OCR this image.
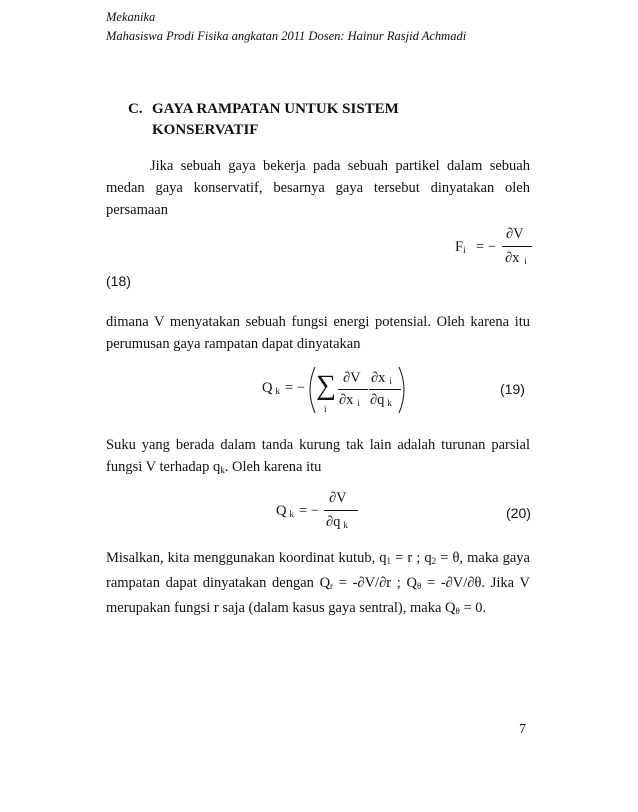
Mekanika
Mahasiswa Prodi Fisika angkatan 2011 Dosen: Hainur Rasjid Achmadi
C. GAYA RAMPATAN UNTUK SISTEM
KONSERVATIF
Jika sebuah gaya bekerja pada sebuah partikel dalam sebuah medan gaya konservatif, besarnya gaya tersebut dinyatakan oleh persamaan
$F_i$ = −
∂V
∂x $_i$
(18)
dimana V menyatakan sebuah fungsi energi potensial. Oleh karena itu perumusan gaya rampatan dapat dinyatakan
Q $_k$ = − ∑
i
∂V
∂x $_i$
∂x $_i$
∂q $_k$
(19)
Suku yang berada dalam tanda kurung tak lain adalah turunan parsial fungsi V terhadap $q_k$. Oleh karena itu
Q $_k$ = −
∂V
∂q $_k$
(20)
Misalkan, kita menggunakan koordinat kutub, $q_1 = r$ ; $q_2 = \theta$, maka gaya rampatan dapat dinyatakan dengan $Q_r = -\partial V/\partial r$ ; $Q_\theta = -\partial V/\partial\theta$. Jika V merupakan fungsi r saja (dalam kasus gaya sentral), maka $Q_\theta = 0$.
7
